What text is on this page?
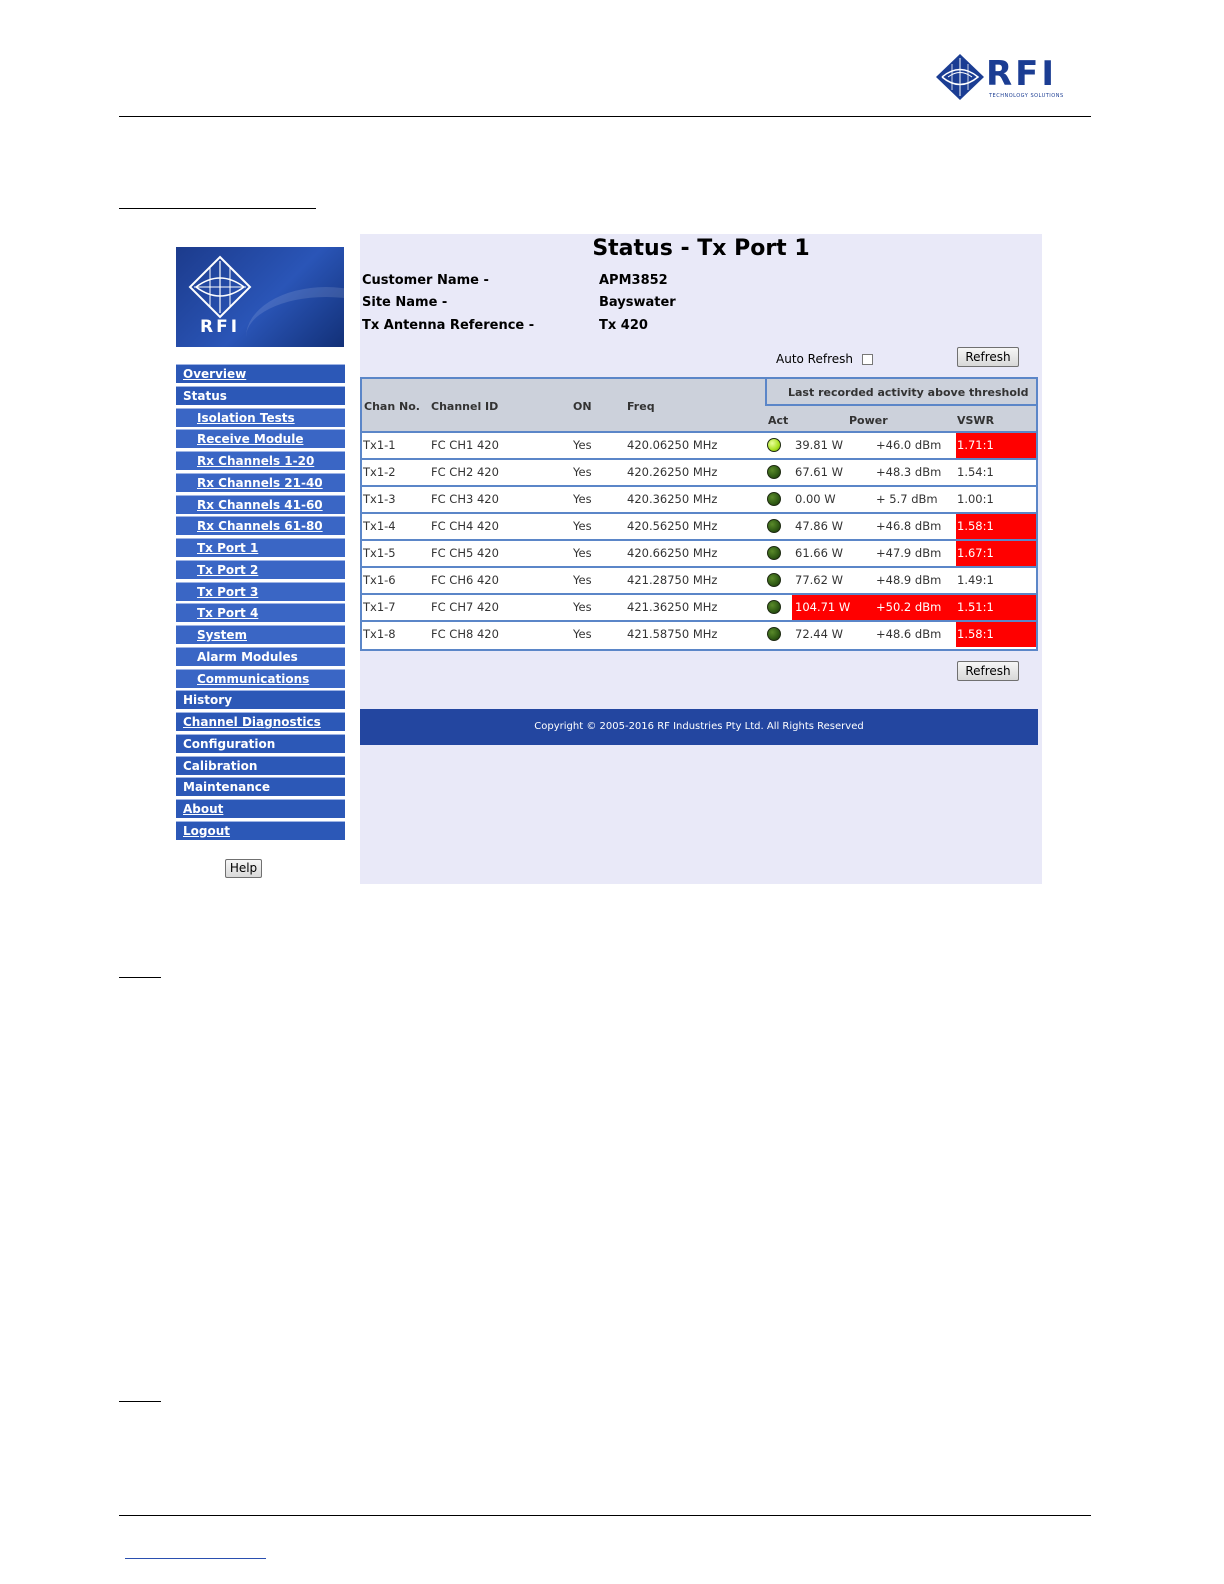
RFI
TECHNOLOGY SOLUTIONS
RFI
Overview
Status
Isolation Tests
Receive Module
Rx Channels 1-20
Rx Channels 21-40
Rx Channels 41-60
Rx Channels 61-80
Tx Port 1
Tx Port 2
Tx Port 3
Tx Port 4
System
Alarm Modules
Communications
History
Channel Diagnostics
Configuration
Calibration
Maintenance
About
Logout
Help
Status - Tx Port 1
Customer Name -	APM3852
Site Name -	Bayswater
Tx Antenna Reference -	Tx 420
Auto Refresh	Refresh
Chan No. Channel ID	ON	Freq
Last recorded activity above threshold
Act	Power	VSWR
Tx1-1	FC CH1 420	Yes	420.06250 MHz	39.81 W	+46.0 dBm 1.71:1
Tx1-2	FC CH2 420	Yes	420.26250 MHz	67.61 W	+48.3 dBm 1.54:1
Tx1-3	FC CH3 420	Yes	420.36250 MHz	0.00 W	+ 5.7 dBm 1.00:1
Tx1-4	FC CH4 420	Yes	420.56250 MHz	47.86 W	+46.8 dBm 1.58:1
Tx1-5	FC CH5 420	Yes	420.66250 MHz	61.66 W	+47.9 dBm 1.67:1
Tx1-6	FC CH6 420	Yes	421.28750 MHz	77.62 W	+48.9 dBm 1.49:1
Tx1-7	FC CH7 420	Yes	421.36250 MHz	104.71 W +50.2 dBm 1.51:1
Tx1-8	FC CH8 420	Yes	421.58750 MHz	72.44 W	+48.6 dBm 1.58:1
Refresh
Copyright © 2005-2016 RF Industries Pty Ltd. All Rights Reserved
